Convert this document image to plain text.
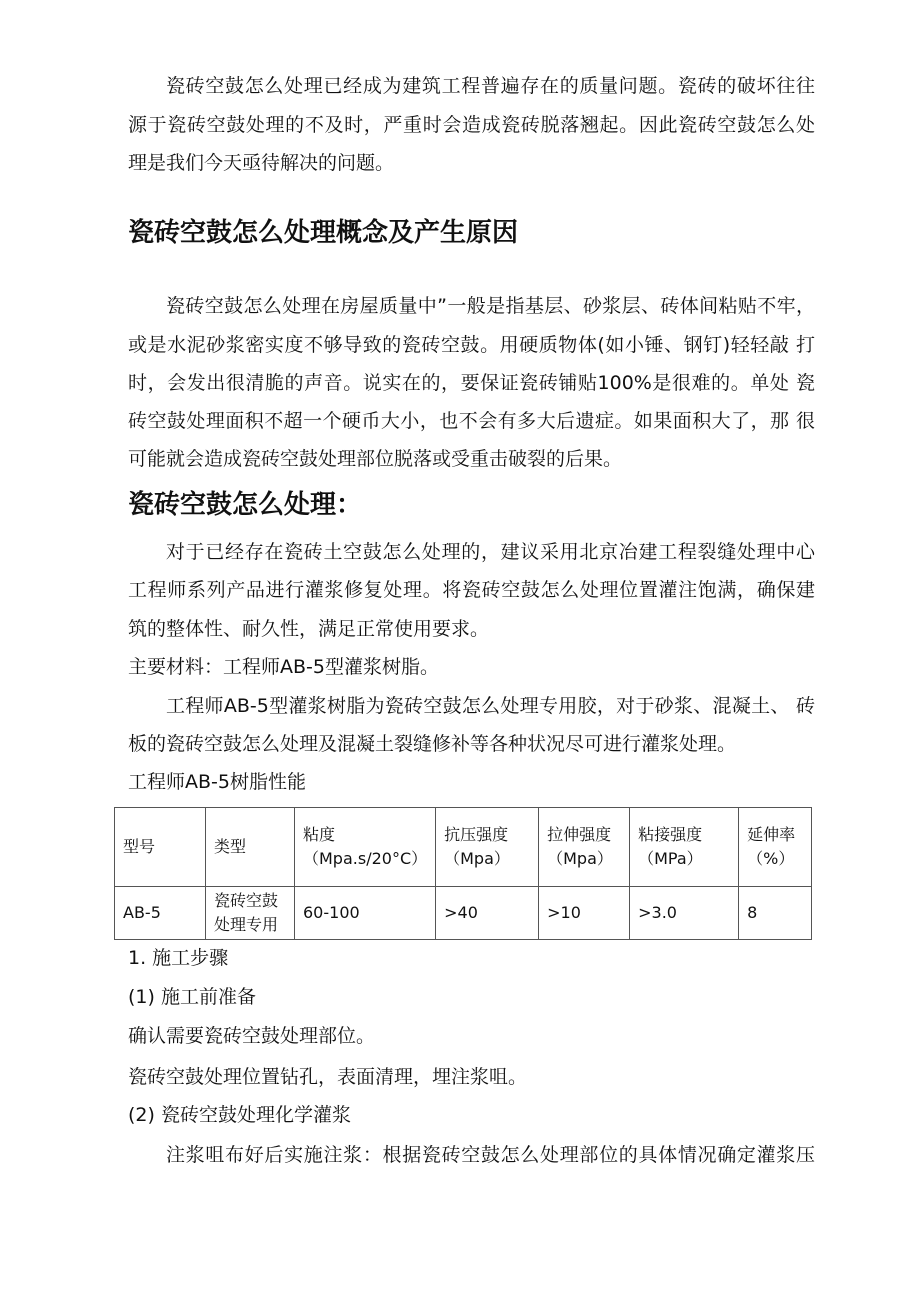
瓷砖空鼓怎么处理已经成为建筑工程普遍存在的质量问题。瓷砖的破坏往往
源于瓷砖空鼓处理的不及时，严重时会造成瓷砖脱落翘起。因此瓷砖空鼓怎么处
理是我们今天亟待解决的问题。
瓷砖空鼓怎么处理概念及产生原因
瓷砖空鼓怎么处理在房屋质量中”一般是指基层、砂浆层、砖体间粘贴不牢，
或是水泥砂浆密实度不够导致的瓷砖空鼓。用硬质物体(如小锤、钢钉)轻轻敲 打
时，会发出很清脆的声音。说实在的，要保证瓷砖铺贴100%是很难的。单处 瓷
砖空鼓处理面积不超一个硬币大小，也不会有多大后遗症。如果面积大了，那 很
可能就会造成瓷砖空鼓处理部位脱落或受重击破裂的后果。
瓷砖空鼓怎么处理：
对于已经存在瓷砖土空鼓怎么处理的，建议采用北京冶建工程裂缝处理中心
工程师系列产品进行灌浆修复处理。将瓷砖空鼓怎么处理位置灌注饱满，确保建
筑的整体性、耐久性，满足正常使用要求。
主要材料：工程师AB-5型灌浆树脂。
工程师AB-5型灌浆树脂为瓷砖空鼓怎么处理专用胶，对于砂浆、混凝土、 砖
板的瓷砖空鼓怎么处理及混凝土裂缝修补等各种状况尽可进行灌浆处理。
工程师AB-5树脂性能
型号	类型	粘度（Mpa.s/20°C）	抗压强度（Mpa）	拉伸强度（Mpa）	粘接强度（MPa）	延伸率（%）
AB-5	瓷砖空鼓处理专用	60-100	>40	>10	>3.0	8
1. 施工步骤
(1) 施工前准备
确认需要瓷砖空鼓处理部位。
瓷砖空鼓处理位置钻孔，表面清理，埋注浆咀。
(2) 瓷砖空鼓处理化学灌浆
注浆咀布好后实施注浆：根据瓷砖空鼓怎么处理部位的具体情况确定灌浆压
